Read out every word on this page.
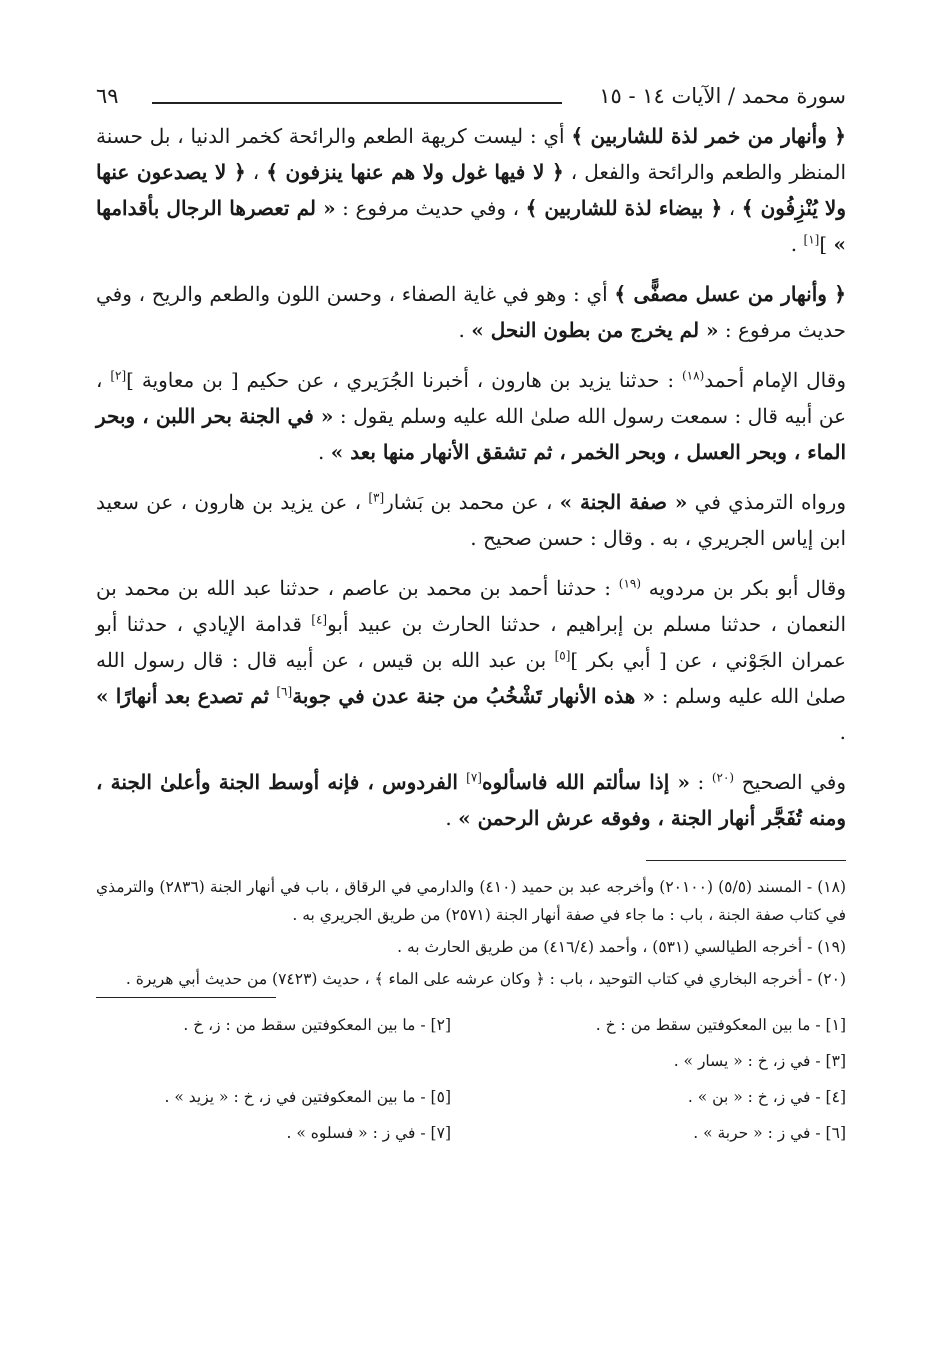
سورة محمد / الآيات ١٤ - ١٥
٦٩

﴿ وأنهار من خمر لذة للشاربين ﴾ أي : ليست كريهة الطعم والرائحة كخمر الدنيا ، بل حسنة المنظر والطعم والرائحة والفعل ، ﴿ لا فيها غول ولا هم عنها ينزفون ﴾ ، ﴿ لا يصدعون عنها ولا يُنْزِفُون ﴾ ، ﴿ بيضاء لذة للشاربين ﴾ ، وفي حديث مرفوع : « لم تعصرها الرجال بأقدامها » ][١] .

﴿ وأنهار من عسل مصفًّى ﴾ أي : وهو في غاية الصفاء ، وحسن اللون والطعم والريح ، وفي حديث مرفوع : « لم يخرج من بطون النحل » .

وقال الإمام أحمد$^{(١٨)}$ : حدثنا يزيد بن هارون ، أخبرنا الجُرَيري ، عن حكيم [ بن معاوية ][٢] ، عن أبيه قال : سمعت رسول الله صلىٰ الله عليه وسلم يقول : « في الجنة بحر اللبن ، وبحر الماء ، وبحر العسل ، وبحر الخمر ، ثم تشقق الأنهار منها بعد » .

ورواه الترمذي في « صفة الجنة » ، عن محمد بن بَشار[٣] ، عن يزيد بن هارون ، عن سعيد ابن إياس الجريري ، به . وقال : حسن صحيح .

وقال أبو بكر بن مردويه $^{(١٩)}$ : حدثنا أحمد بن محمد بن عاصم ، حدثنا عبد الله بن محمد بن النعمان ، حدثنا مسلم بن إبراهيم ، حدثنا الحارث بن عبيد أبو[٤] قدامة الإيادي ، حدثنا أبو عمران الجَوْني ، عن [ أبي بكر ][٥] بن عبد الله بن قيس ، عن أبيه قال : قال رسول الله صلىٰ الله عليه وسلم : « هذه الأنهار تَشْخُبُ من جنة عدن في جوبة[٦] ثم تصدع بعد أنهارًا » .

وفي الصحيح $^{(٢٠)}$ : « إذا سألتم الله فاسألوه[٧] الفردوس ، فإنه أوسط الجنة وأعلىٰ الجنة ، ومنه تُفَجَّر أنهار الجنة ، وفوقه عرش الرحمن » .

(١٨) - المسند (٥/٥) (٢٠١٠٠) وأخرجه عبد بن حميد (٤١٠) والدارمي في الرقاق ، باب في أنهار الجنة (٢٨٣٦) والترمذي في كتاب صفة الجنة ، باب : ما جاء في صفة أنهار الجنة (٢٥٧١) من طريق الجريري به .

(١٩) - أخرجه الطيالسي (٥٣١) ، وأحمد (٤١٦/٤) من طريق الحارث به .

(٢٠) - أخرجه البخاري في كتاب التوحيد ، باب : ﴿ وكان عرشه على الماء ﴾ ، حديث (٧٤٢٣) من حديث أبي هريرة .

[١] - ما بين المعكوفتين سقط من : خ .
[٢] - ما بين المعكوفتين سقط من : ز، خ .
[٣] - في ز، خ : « يسار » .
[٤] - في ز، خ : « بن » .
[٥] - ما بين المعكوفتين في ز، خ : « يزيد » .
[٦] - في ز : « حربة » .
[٧] - في ز : « فسلوه » .
